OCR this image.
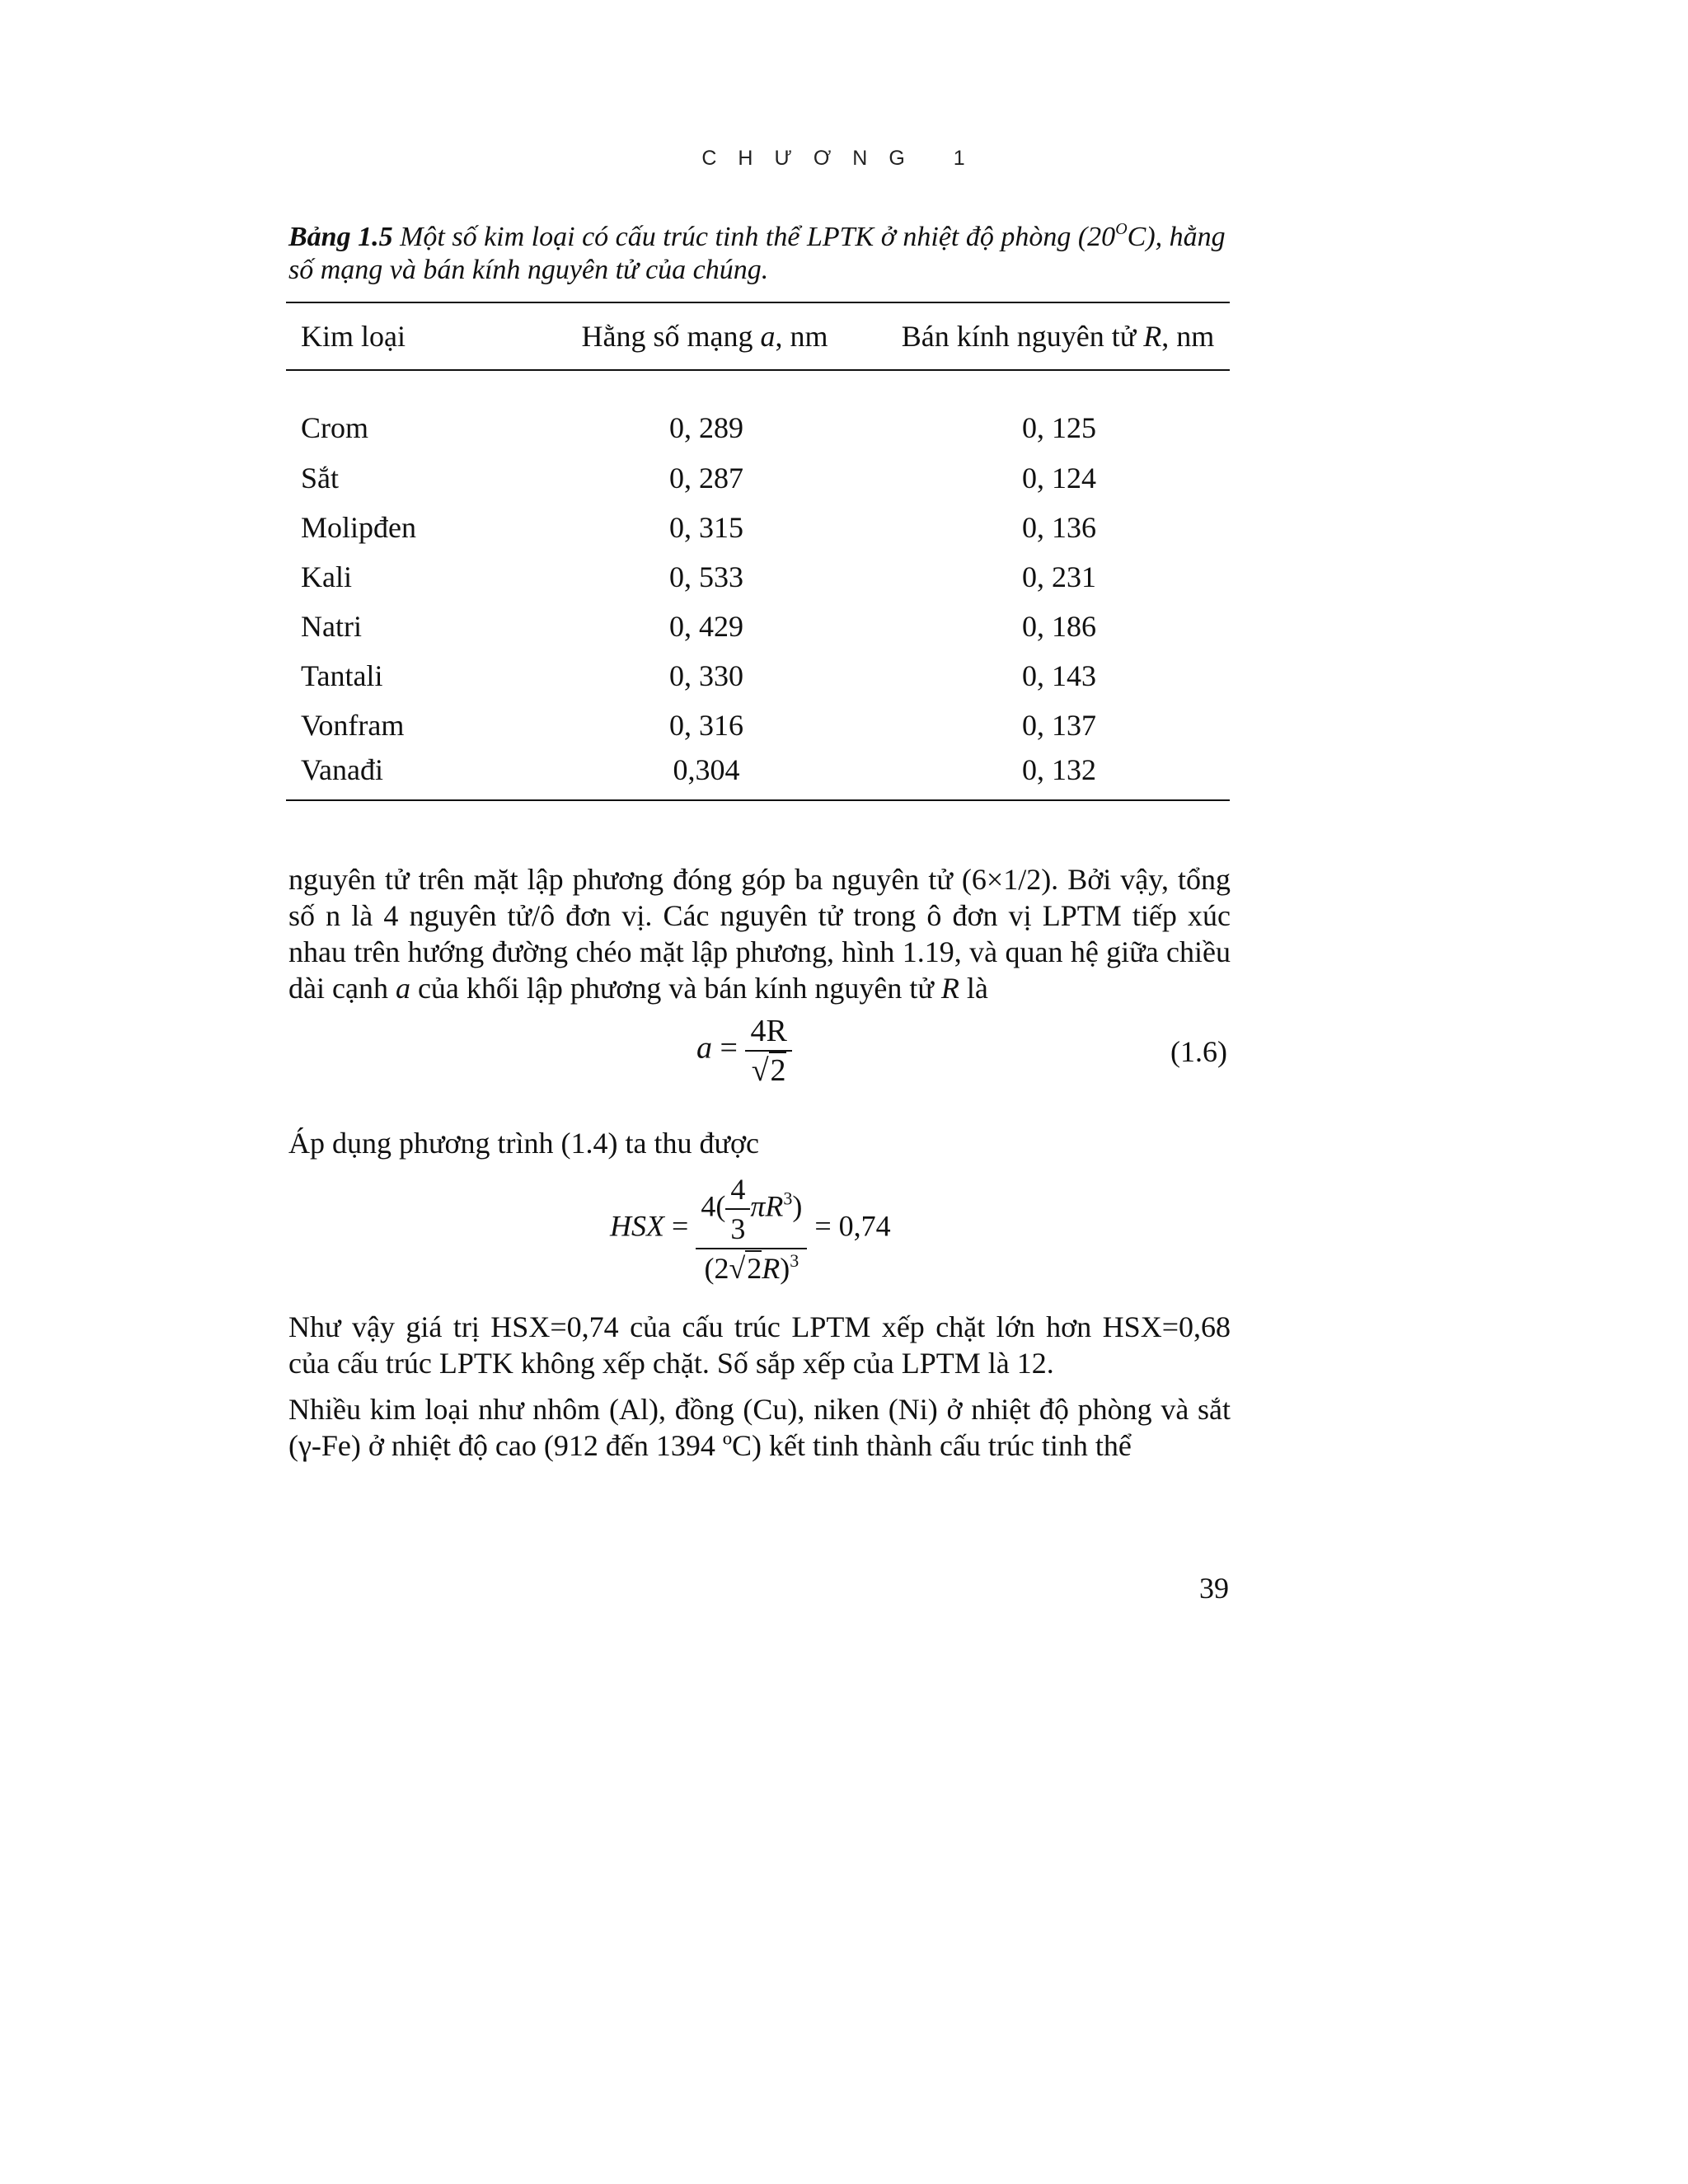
CHƯƠNG 1
Bảng 1.5 Một số kim loại có cấu trúc tinh thể LPTK ở nhiệt độ phòng $(20^OC)$, hằng số mạng và bán kính nguyên tử của chúng.
Kim loại	Hằng số mạng a, nm	Bán kính nguyên tử R, nm
Crom	0, 289	0, 125
Sắt	0, 287	0, 124
Molipđen	0, 315	0, 136
Kali	0, 533	0, 231
Natri	0, 429	0, 186
Tantali	0, 330	0, 143
Vonfram	0, 316	0, 137
Vanađi	0,304	0, 132
nguyên tử trên mặt lập phương đóng góp ba nguyên tử (6×1/2). Bởi vậy, tổng số n là 4 nguyên tử/ô đơn vị. Các nguyên tử trong ô đơn vị LPTM tiếp xúc nhau trên hướng đường chéo mặt lập phương, hình 1.19, và quan hệ giữa chiều dài cạnh a của khối lập phương và bán kính nguyên tử R là
$a = \frac{4R}{√2}$	(1.6)
Áp dụng phương trình (1.4) ta thu được
HSX = $\frac{4( \frac{4}{3} \pi R^3)}{(2√2R)^3} = 0,74$
Như vậy giá trị HSX=0,74 của cấu trúc LPTM xếp chặt lớn hơn HSX=0,68 của cấu trúc LPTK không xếp chặt. Số sắp xếp của LPTM là 12.
Nhiều kim loại như nhôm (Al), đồng (Cu), niken (Ni) ở nhiệt độ phòng và sắt (γ-Fe) ở nhiệt độ cao (912 đến 1394 ºC) kết tinh thành cấu trúc tinh thể
39
